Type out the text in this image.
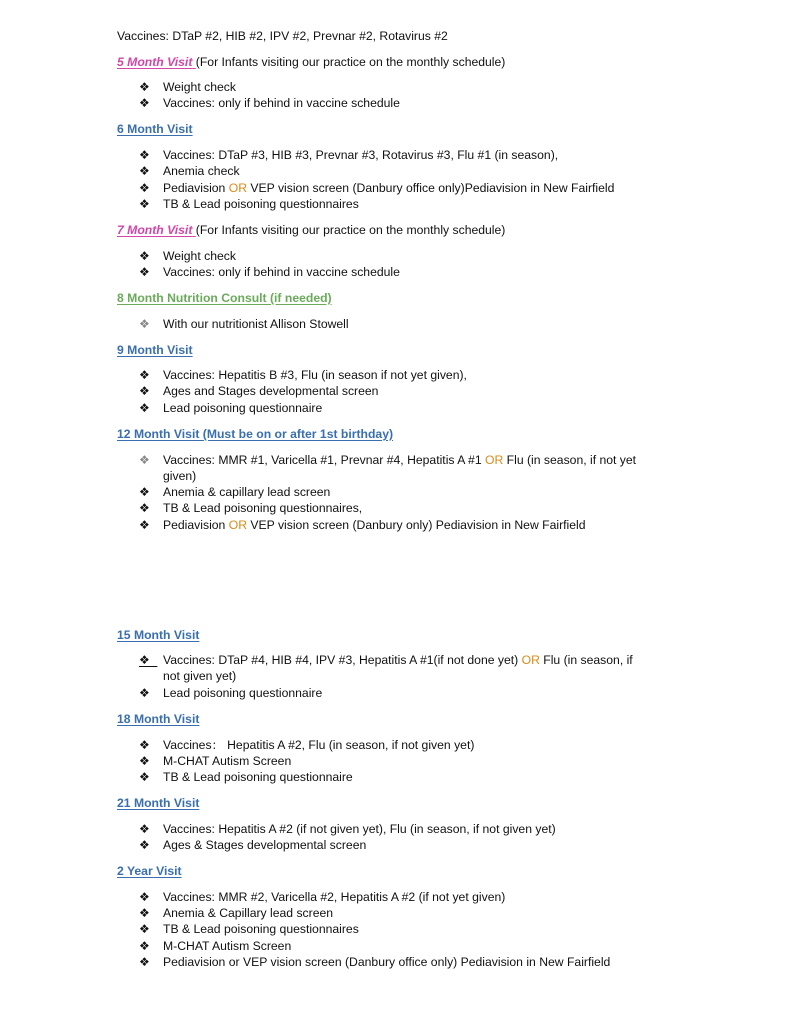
Vaccines: DTaP #2, HIB #2, IPV #2, Prevnar #2, Rotavirus #2
5 Month Visit (For Infants visiting our practice on the monthly schedule)
❖ Weight check
❖ Vaccines: only if behind in vaccine schedule
6 Month Visit
❖ Vaccines: DTaP #3, HIB #3, Prevnar #3, Rotavirus #3, Flu #1 (in season),
❖ Anemia check
❖ Pediavision OR VEP vision screen (Danbury office only)Pediavision in New Fairfield
❖ TB & Lead poisoning questionnaires
7 Month Visit (For Infants visiting our practice on the monthly schedule)
❖ Weight check
❖ Vaccines: only if behind in vaccine schedule
8 Month Nutrition Consult (if needed)
❖ With our nutritionist Allison Stowell
9 Month Visit
❖ Vaccines: Hepatitis B #3, Flu (in season if not yet given),
❖ Ages and Stages developmental screen
❖ Lead poisoning questionnaire
12 Month Visit (Must be on or after 1st birthday)
❖ Vaccines: MMR #1, Varicella #1, Prevnar #4, Hepatitis A #1 OR Flu (in season, if not yet
given)
❖ Anemia & capillary lead screen
❖ TB & Lead poisoning questionnaires,
❖ Pediavision OR VEP vision screen (Danbury only) Pediavision in New Fairfield
15 Month Visit
❖ Vaccines: DTaP #4, HIB #4, IPV #3, Hepatitis A #1(if not done yet) OR Flu (in season, if
not given yet)
❖ Lead poisoning questionnaire
18 Month Visit
❖ Vaccines： Hepatitis A #2, Flu (in season, if not given yet)
❖ M-CHAT Autism Screen
❖ TB & Lead poisoning questionnaire
21 Month Visit
❖ Vaccines: Hepatitis A #2 (if not given yet), Flu (in season, if not given yet)
❖ Ages & Stages developmental screen
2 Year Visit
❖ Vaccines: MMR #2, Varicella #2, Hepatitis A #2 (if not yet given)
❖ Anemia & Capillary lead screen
❖ TB & Lead poisoning questionnaires
❖ M-CHAT Autism Screen
❖ Pediavision or VEP vision screen (Danbury office only) Pediavision in New Fairfield
